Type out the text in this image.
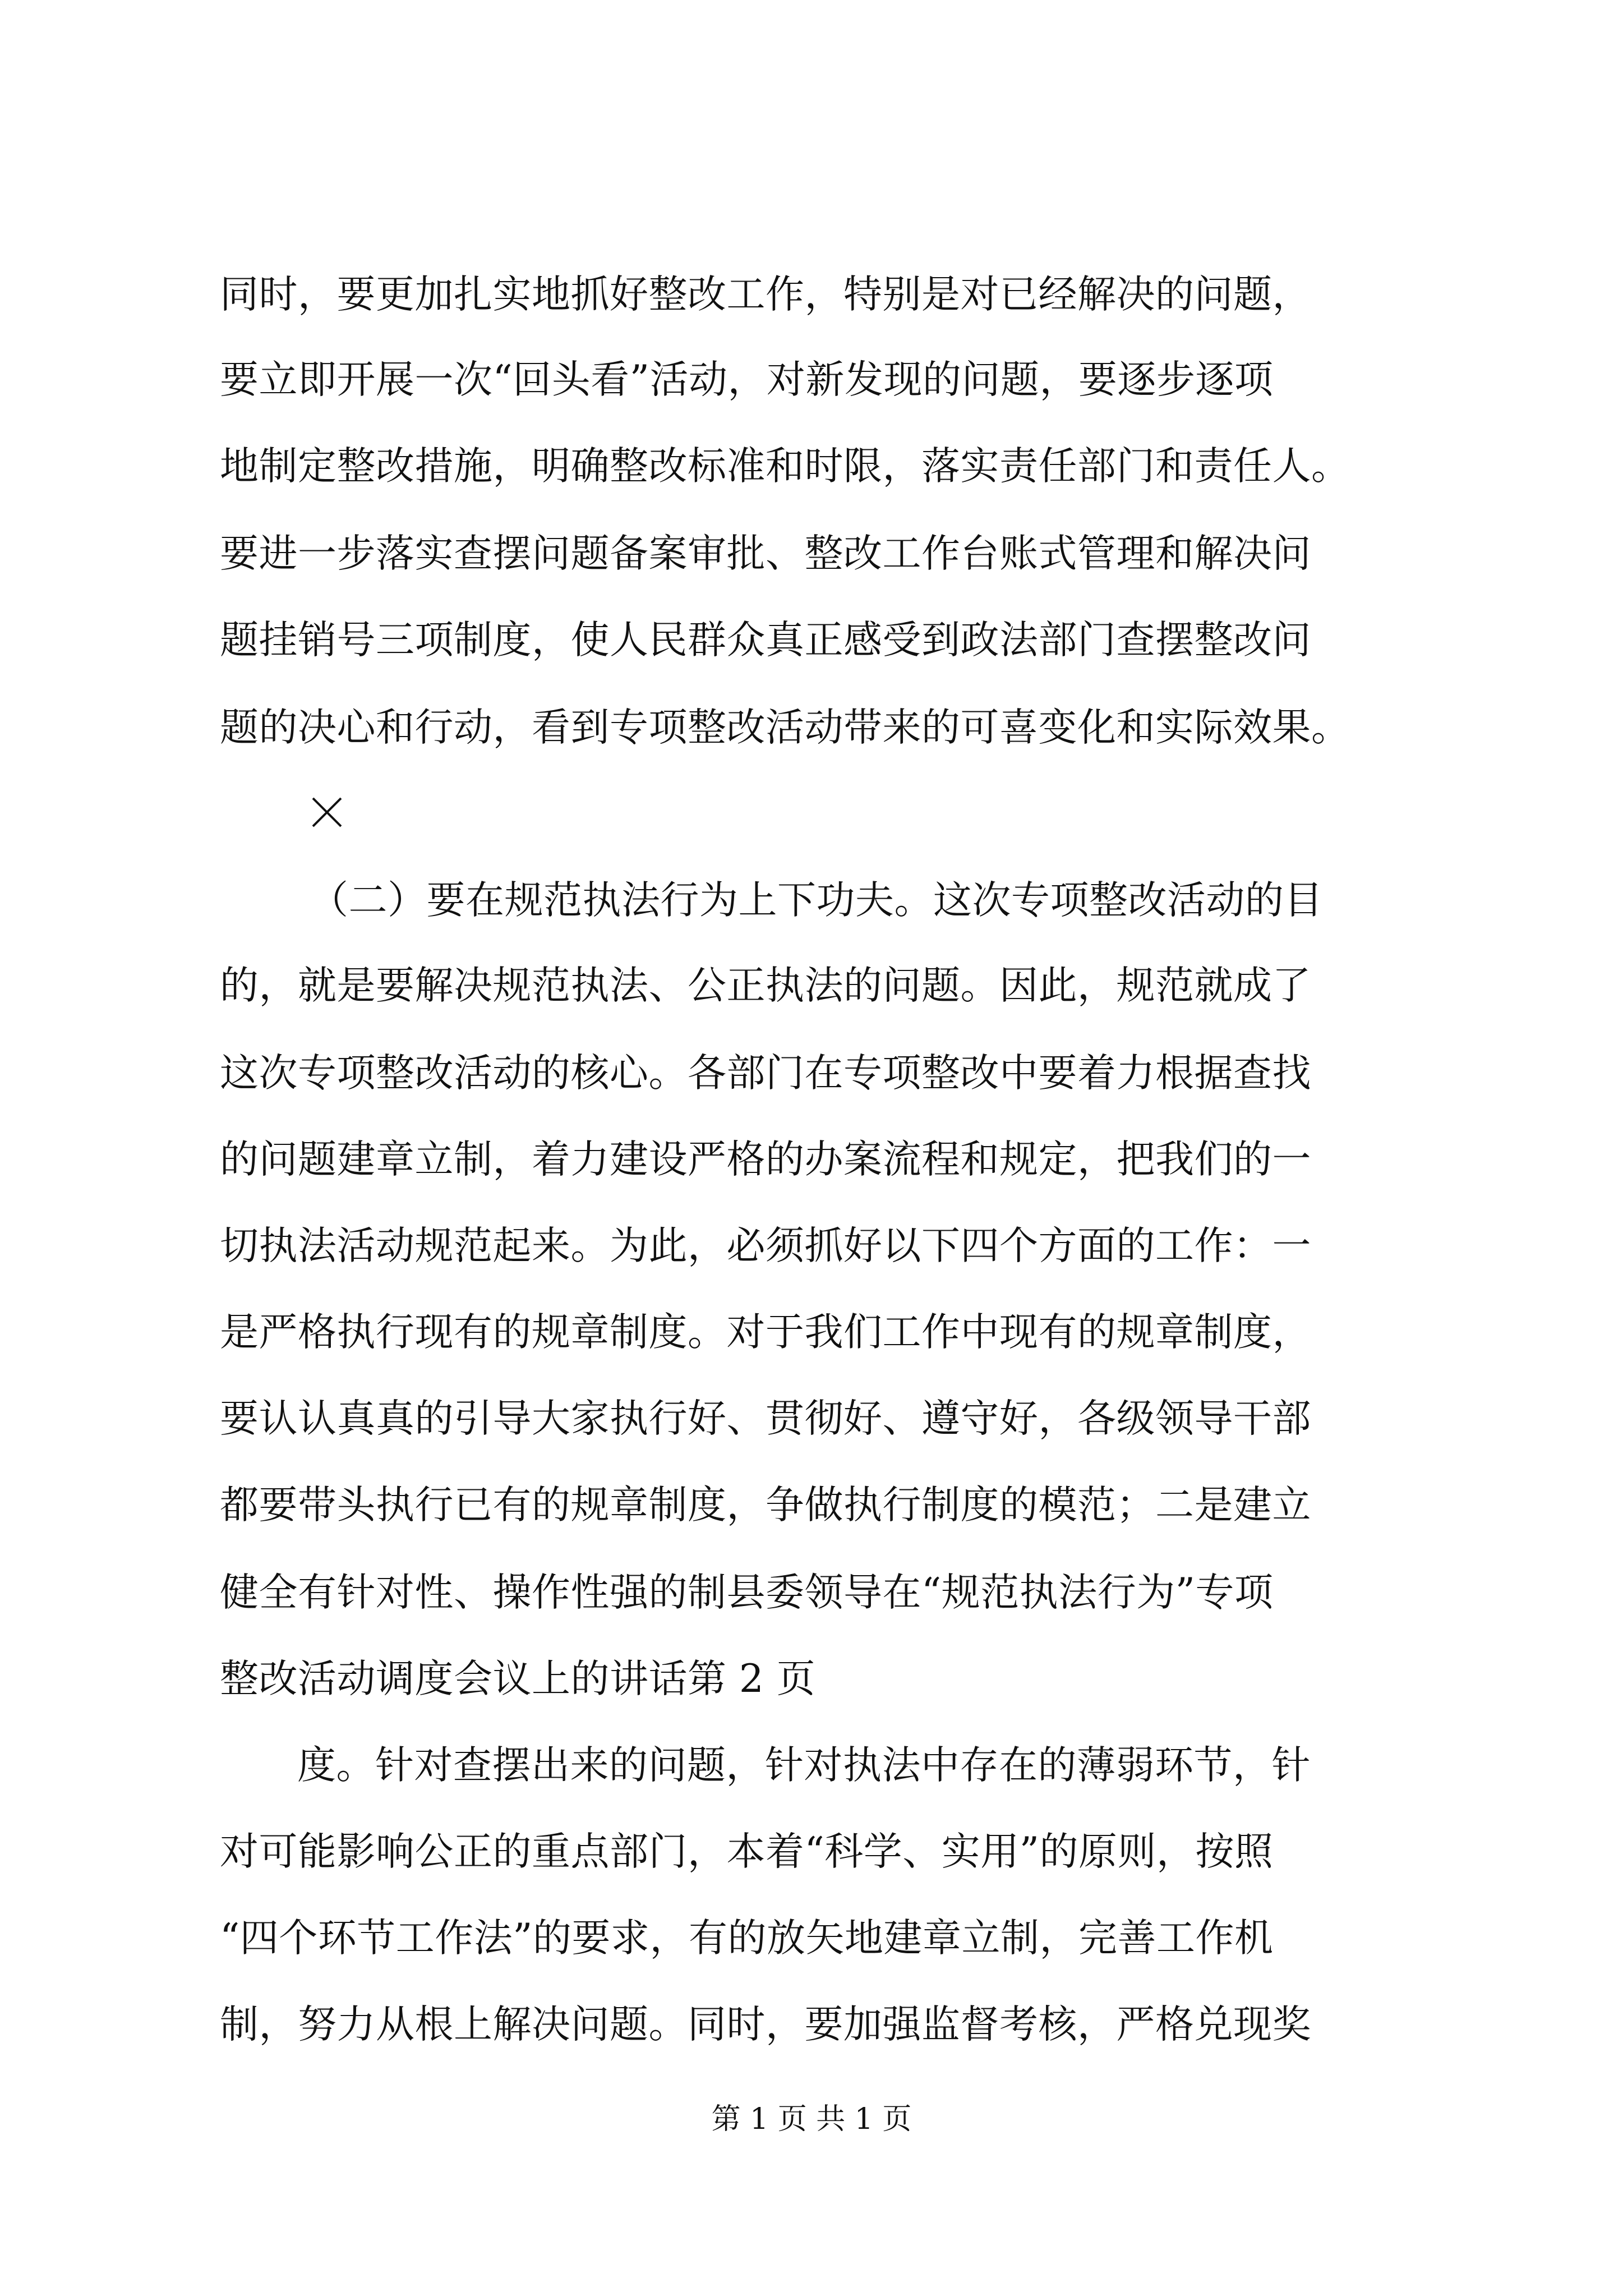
同时，要更加扎实地抓好整改工作，特别是对已经解决的问题，
要立即开展一次“回头看”活动，对新发现的问题，要逐步逐项
地制定整改措施，明确整改标准和时限，落实责任部门和责任人。
要进一步落实查摆问题备案审批、整改工作台账式管理和解决问
题挂销号三项制度，使人民群众真正感受到政法部门查摆整改问
题的决心和行动，看到专项整改活动带来的可喜变化和实际效果。
（二）要在规范执法行为上下功夫。这次专项整改活动的目
的，就是要解决规范执法、公正执法的问题。因此，规范就成了
这次专项整改活动的核心。各部门在专项整改中要着力根据查找
的问题建章立制，着力建设严格的办案流程和规定，把我们的一
切执法活动规范起来。为此，必须抓好以下四个方面的工作：一
是严格执行现有的规章制度。对于我们工作中现有的规章制度，
要认认真真的引导大家执行好、贯彻好、遵守好，各级领导干部
都要带头执行已有的规章制度，争做执行制度的模范；二是建立
健全有针对性、操作性强的制县委领导在“规范执法行为”专项
整改活动调度会议上的讲话第 2 页
度。针对查摆出来的问题，针对执法中存在的薄弱环节，针
对可能影响公正的重点部门，本着“科学、实用”的原则，按照
“四个环节工作法”的要求，有的放矢地建章立制，完善工作机
制，努力从根上解决问题。同时，要加强监督考核，严格兑现奖
第 1 页 共 1 页
